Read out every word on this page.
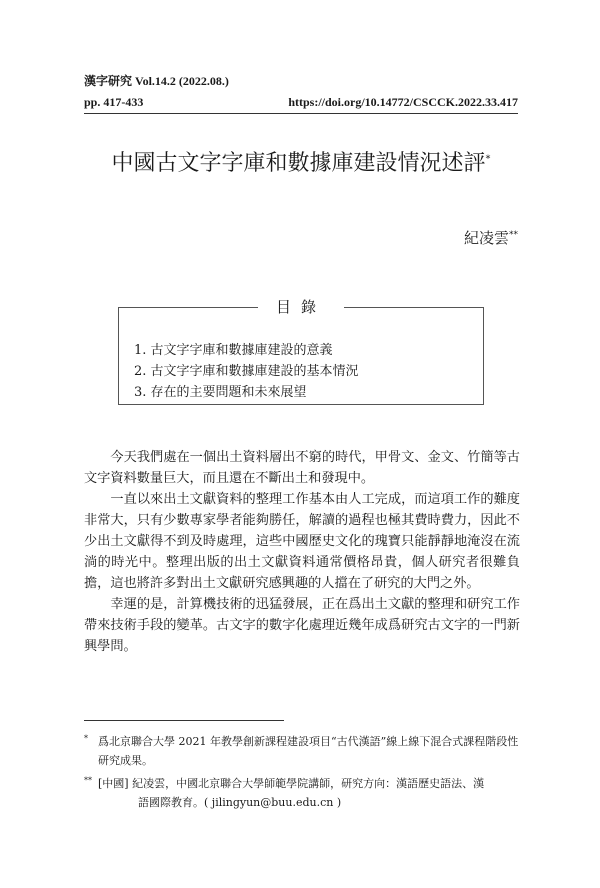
漢字研究 Vol.14.2 (2022.08.)
pp. 417-433	https://doi.org/10.14772/CSCCK.2022.33.417
中國古文字字庫和數據庫建設情況述評*
紀凌雲**
目錄
1. 古文字字庫和數據庫建設的意義
2. 古文字字庫和數據庫建設的基本情況
3. 存在的主要問題和未來展望

今天我們處在一個出土資料層出不窮的時代，甲骨文、金文、竹簡等古文字資料數量巨大，而且還在不斷出土和發現中。

一直以來出土文獻資料的整理工作基本由人工完成，而這項工作的難度非常大，只有少數專家學者能夠勝任，解讀的過程也極其費時費力，因此不少出土文獻得不到及時處理，這些中國歷史文化的瑰寶只能靜靜地淹沒在流淌的時光中。整理出版的出土文獻資料通常價格昂貴，個人研究者很難負擔，這也將許多對出土文獻研究感興趣的人擋在了研究的大門之外。

幸運的是，計算機技術的迅猛發展，正在爲出土文獻的整理和研究工作帶來技術手段的變革。古文字的數字化處理近幾年成爲研究古文字的一門新興學問。

* 爲北京聯合大學 2021 年教學創新課程建設項目“古代漢語”線上線下混合式課程階段性研究成果。
** [中國] 紀凌雲，中國北京聯合大學師範學院講師，研究方向：漢語歷史語法、漢
語國際教育。( jilingyun@buu.edu.cn )
